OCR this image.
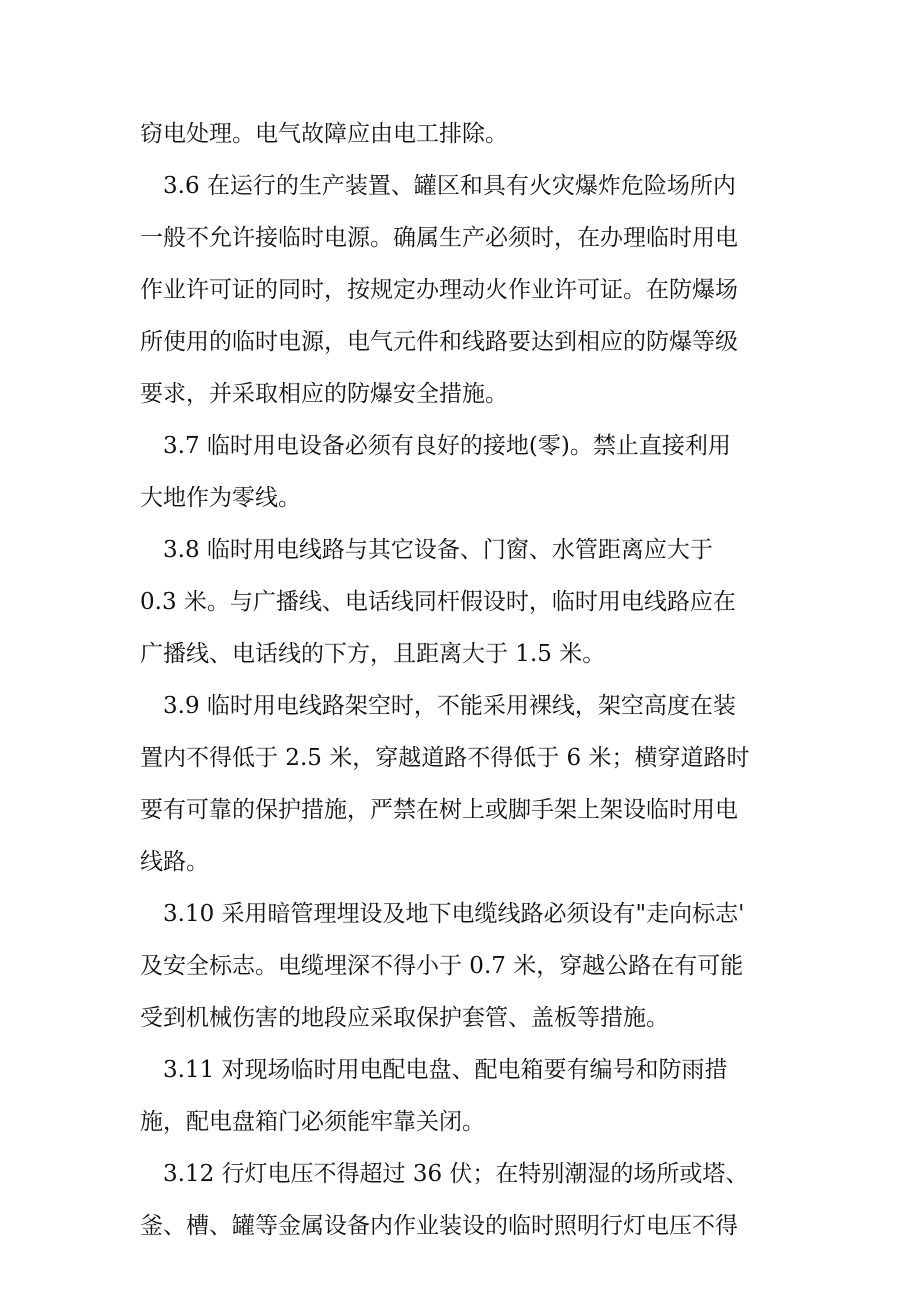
窃电处理。电气故障应由电工排除。
3.6 在运行的生产装置、罐区和具有火灾爆炸危险场所内
一般不允许接临时电源。确属生产必须时，在办理临时用电
作业许可证的同时，按规定办理动火作业许可证。在防爆场
所使用的临时电源，电气元件和线路要达到相应的防爆等级
要求，并采取相应的防爆安全措施。
3.7 临时用电设备必须有良好的接地(零)。禁止直接利用
大地作为零线。
3.8 临时用电线路与其它设备、门窗、水管距离应大于
0.3 米。与广播线、电话线同杆假设时，临时用电线路应在
广播线、电话线的下方，且距离大于 1.5 米。
3.9 临时用电线路架空时，不能采用裸线，架空高度在装
置内不得低于 2.5 米，穿越道路不得低于 6 米；横穿道路时
要有可靠的保护措施，严禁在树上或脚手架上架设临时用电
线路。
3.10 采用暗管理埋设及地下电缆线路必须设有"走向标志'
及安全标志。电缆埋深不得小于 0.7 米，穿越公路在有可能
受到机械伤害的地段应采取保护套管、盖板等措施。
3.11 对现场临时用电配电盘、配电箱要有编号和防雨措
施，配电盘箱门必须能牢靠关闭。
3.12 行灯电压不得超过 36 伏；在特别潮湿的场所或塔、
釜、槽、罐等金属设备内作业装设的临时照明行灯电压不得
